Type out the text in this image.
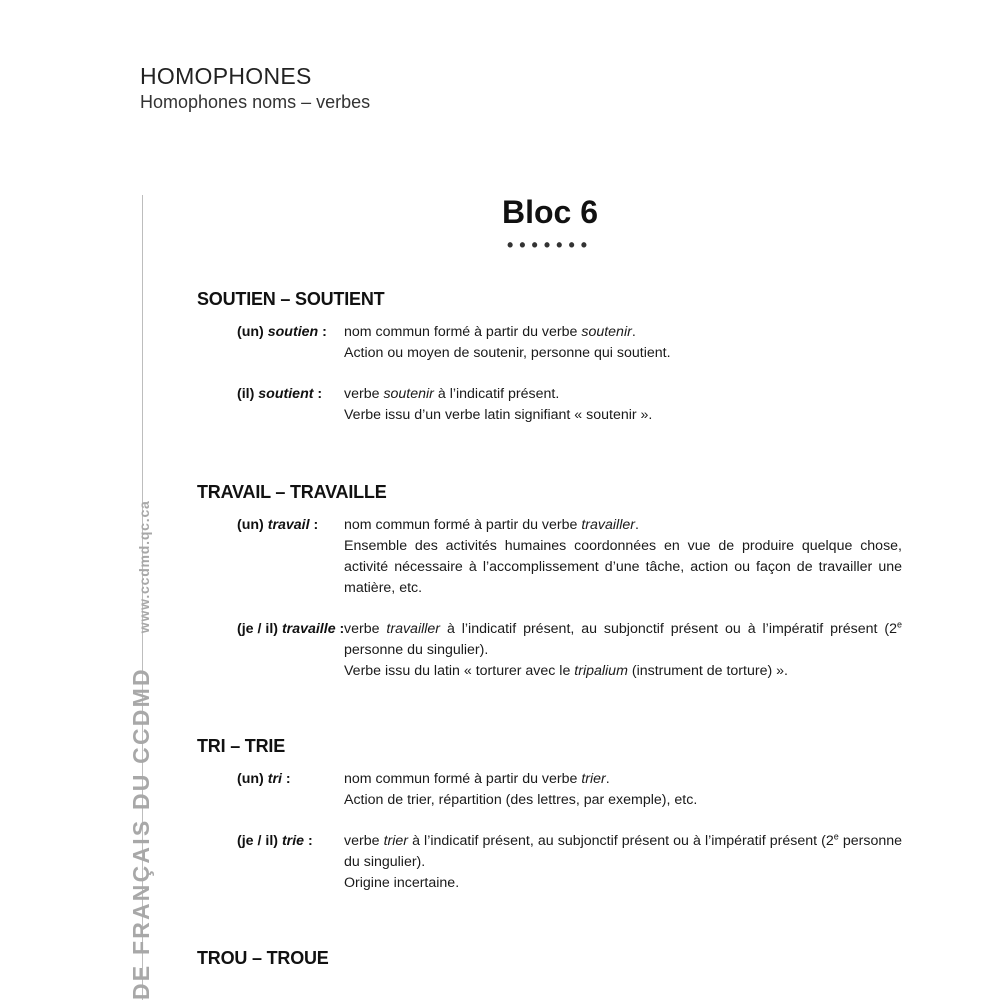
HOMOPHONES
Homophones noms – verbes
DE FRANÇAIS DU CCDMDwww.ccdmd.qc.ca
Bloc 6
•••••••
SOUTIEN – SOUTIENT
(un) soutien :	nom commun formé à partir du verbe soutenir.

Action ou moyen de soutenir, personne qui soutient.

(il) soutient :	verbe soutenir à l’indicatif présent.

Verbe issu d’un verbe latin signifiant « soutenir ».

TRAVAIL – TRAVAILLE
(un) travail :	nom commun formé à partir du verbe travailler.

Ensemble des activités humaines coordonnées en vue de produire quelque chose, activité nécessaire à l’accomplissement d’une tâche, action ou façon de travailler une matière, etc.

(je / il) travaille : verbe travailler à l’indicatif présent, au subjonctif présent ou à l’impératif présent (2e personne du singulier).

Verbe issu du latin « torturer avec le tripalium (instrument de torture) ».

TRI – TRIE
(un) tri :	nom commun formé à partir du verbe trier.

Action de trier, répartition (des lettres, par exemple), etc.

(je / il) trie :	verbe trier à l’indicatif présent, au subjonctif présent ou à l’impératif présent (2e personne du singulier).

Origine incertaine.

TROU – TROUE
